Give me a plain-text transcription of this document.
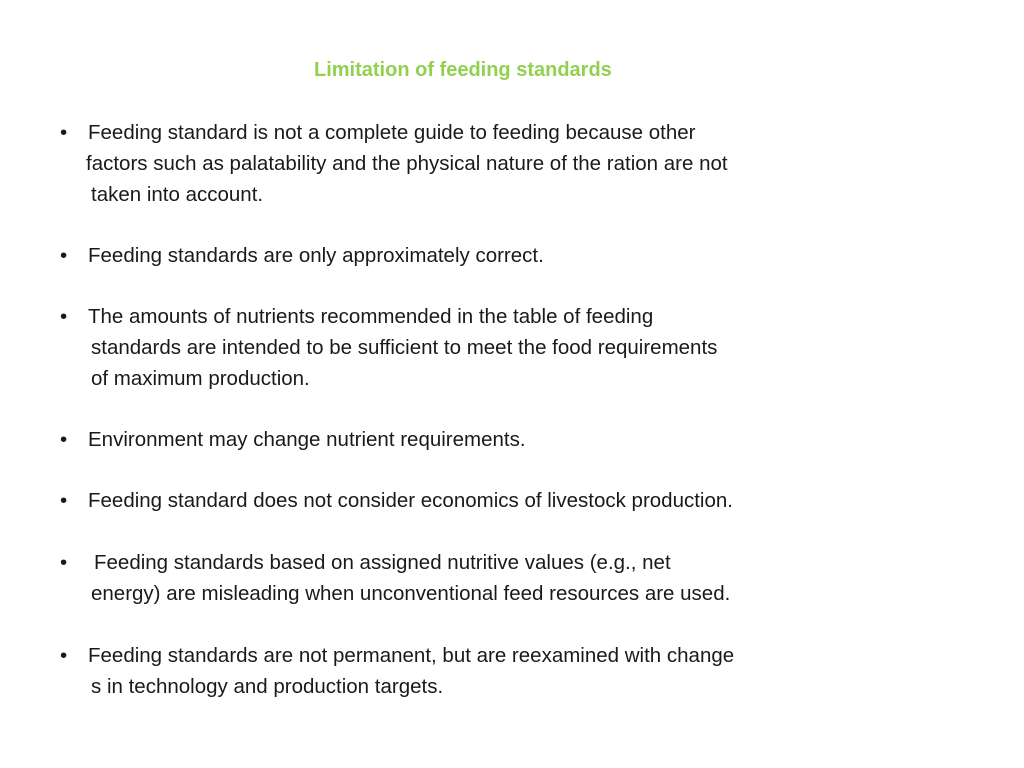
Limitation of feeding standards
•	Feeding standard is not a complete guide to feeding because other
factors such as palatability and the physical nature of the ration are not
taken into account.
•	Feeding standards are only approximately correct.
•	The amounts of nutrients recommended in the table of feeding
standards are intended to be sufficient to meet the food requirements
of maximum production.
•	Environment may change nutrient requirements.
•	Feeding standard does not consider economics of livestock production.
•	Feeding standards based on assigned nutritive values (e.g., net
energy) are misleading when unconventional feed resources are used.
•	Feeding standards are not permanent, but are reexamined with change
s in technology and production targets.
